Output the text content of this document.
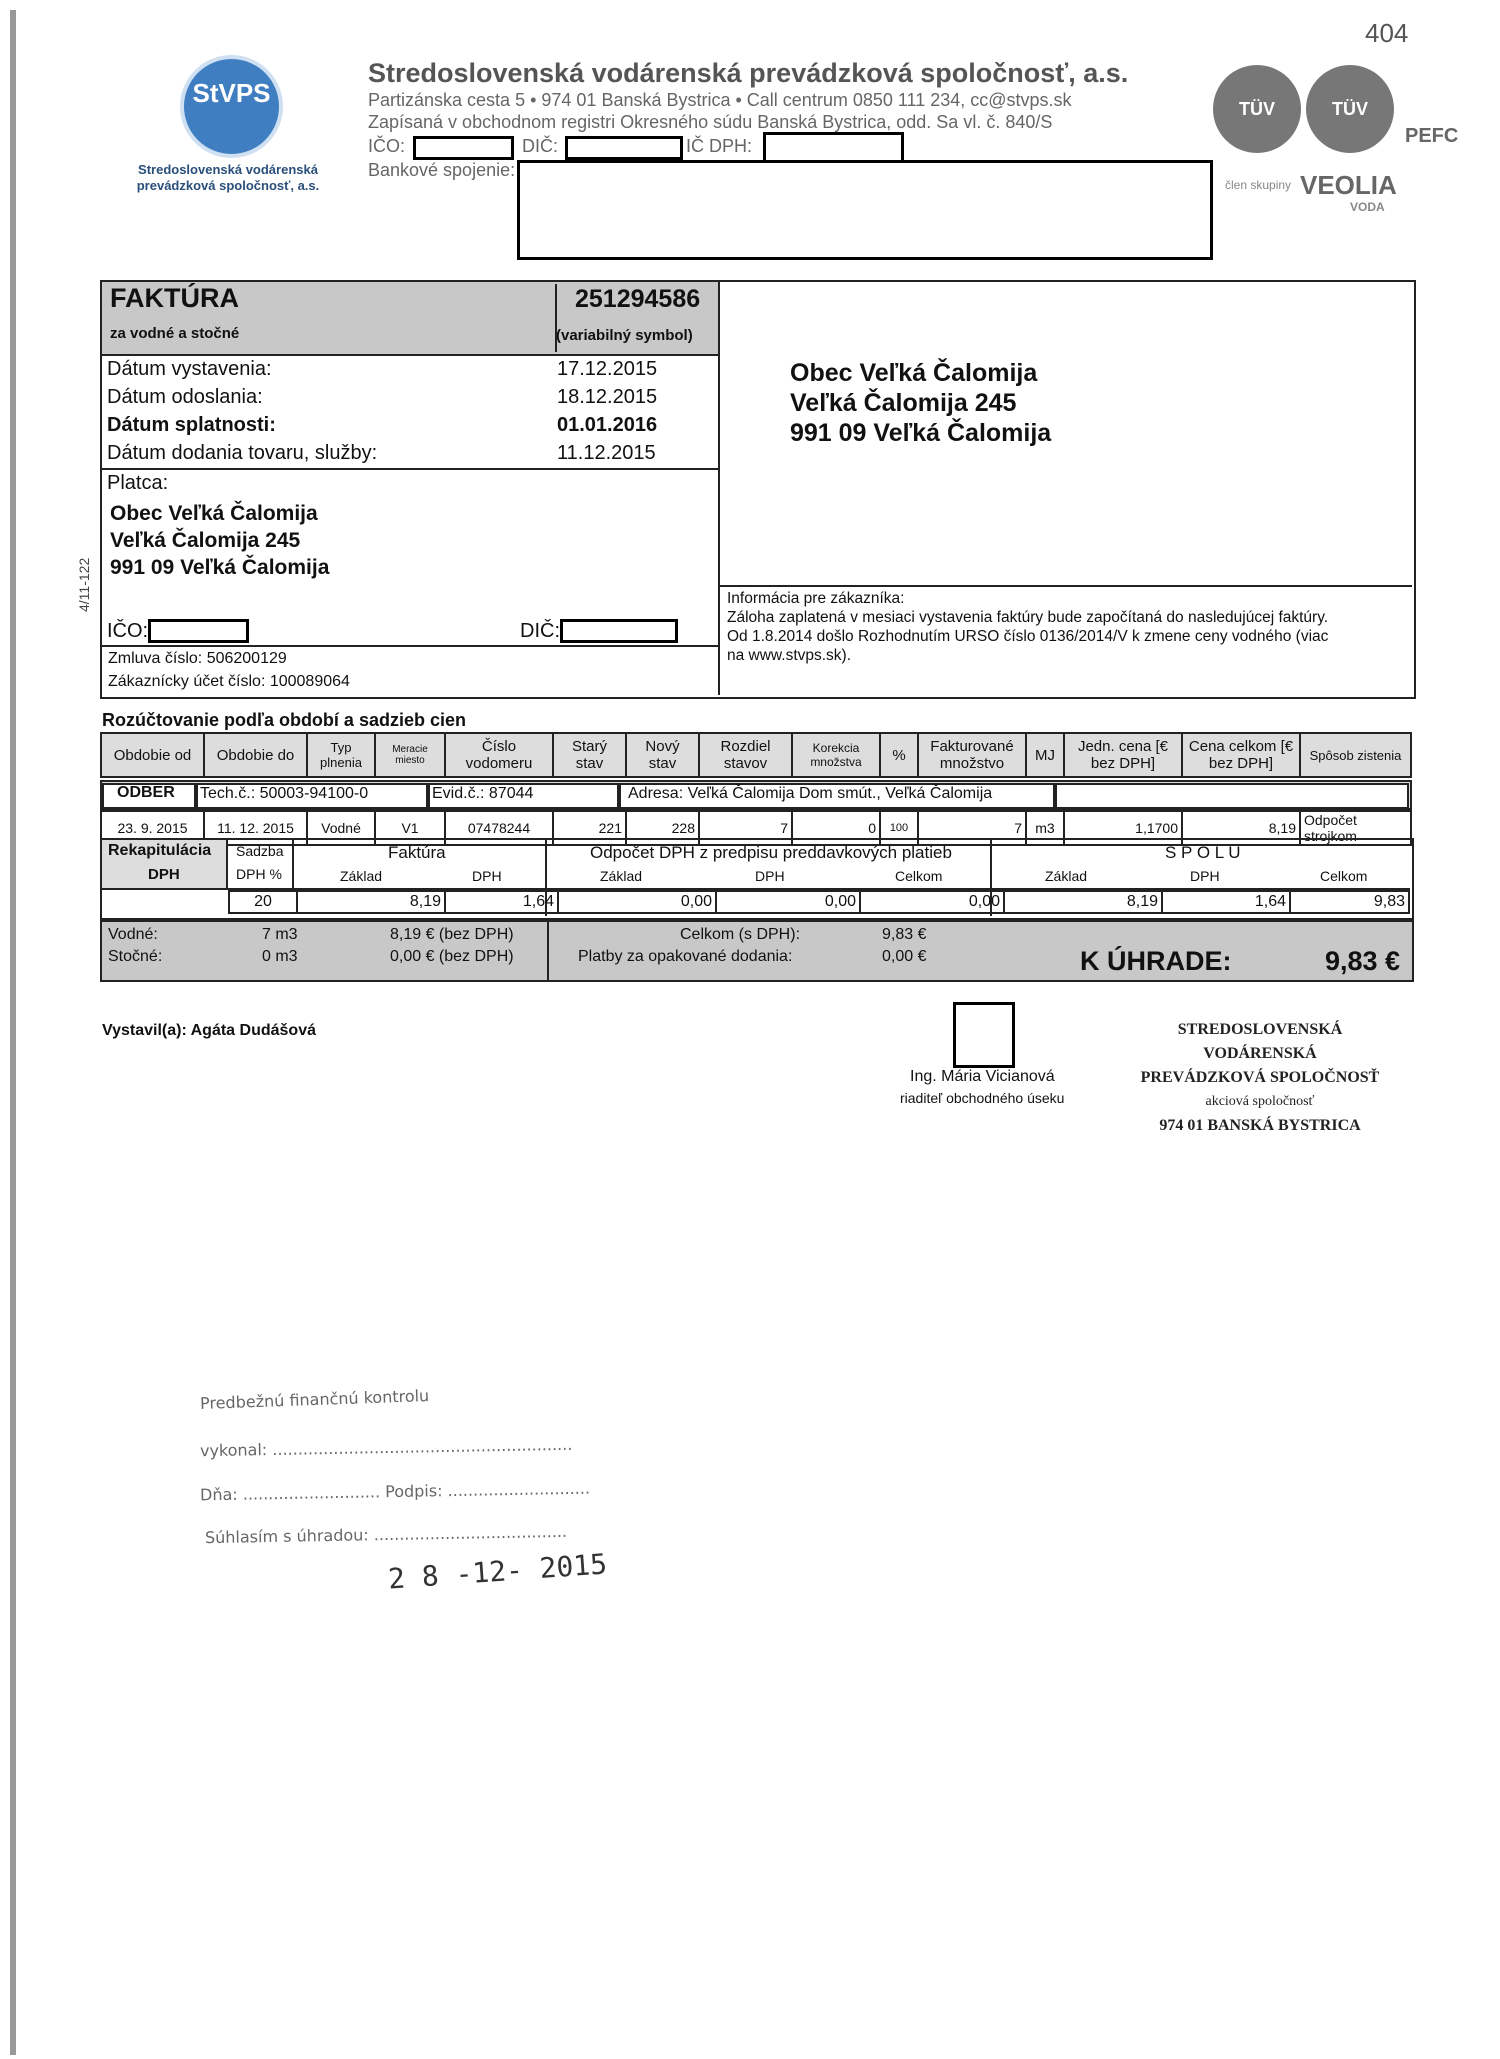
404
StVPS
Stredoslovenská vodárenská
prevádzková spoločnosť, a.s.
Stredoslovenská vodárenská prevádzková spoločnosť, a.s.
Partizánska cesta 5 • 974 01 Banská Bystrica • Call centrum 0850 111 234, cc@stvps.sk
Zapísaná v obchodnom registri Okresného súdu Banská Bystrica, odd. Sa vl. č. 840/S
IČO:	DIČ:	IČ DPH:
Bankové spojenie:
TÜV	TÜV
PEFC
člen skupiny VEOLIA
VODA
FAKTÚRA
za vodné a stočné
251294586
(variabilný symbol)
Dátum vystavenia:	17.12.2015
Dátum odoslania:	18.12.2015
Dátum splatnosti:	01.01.2016
Dátum dodania tovaru, služby:	11.12.2015
Platca:
Obec Veľká Čalomija
Veľká Čalomija 245
991 09 Veľká Čalomija
4/11-122
IČO:	DIČ:
Zmluva číslo: 506200129
Zákaznícky účet číslo: 100089064
Obec Veľká Čalomija
Veľká Čalomija 245
991 09 Veľká Čalomija
Informácia pre zákazníka:
Záloha zaplatená v mesiaci vystavenia faktúry bude započítaná do nasledujúcej faktúry.
Od 1.8.2014 došlo Rozhodnutím URSO číslo 0136/2014/V k zmene ceny vodného (viac
na www.stvps.sk).
Rozúčtovanie podľa období a sadzieb cien
Obdobie od	Obdobie do	Typ plnenia	Meracie miesto	Číslo vodomeru	Starý stav	Nový stav	Rozdiel stavov	Korekcia množstva	%	Fakturované množstvo	MJ	Jedn. cena [€ bez DPH]	Cena celkom [€ bez DPH]	Spôsob zistenia
ODBER Tech.č.: 50003-94100-0	Evid.č.: 87044	Adresa: Veľká Čalomija Dom smút., Veľká Čalomija
23. 9. 2015	11. 12. 2015	Vodné	V1	07478244	221	228	7	0	100	7	m3	1,1700	8,19	Odpočet strojkom
Rekapitulácia
DPH
Sadzba
DPH %
Faktúra
Základ	DPH
Odpočet DPH z predpisu preddavkových platieb
Základ	DPH	Celkom
S P O L U
Základ	DPH	Celkom
20	8,19	1,64	0,00	0,00	0,00	8,19	1,64	9,83
Vodné:	7 m3	8,19 € (bez DPH)
Stočné:	0 m3	0,00 € (bez DPH)
Celkom (s DPH):	9,83 €
Platby za opakované dodania:	0,00 €	K ÚHRADE:	9,83 €
Vystavil(a): Agáta Dudášová
Ing. Mária Vicianová
riaditeľ obchodného úseku
STREDOSLOVENSKÁ VODÁRENSKÁ
PREVÁDZKOVÁ SPOLOČNOSŤ
akciová spoločnosť
974 01 BANSKÁ BYSTRICA
Predbežnú finančnú kontrolu
vykonal: ...........................................................
Dňa: ........................... Podpis: ............................
Súhlasím s úhradou: ......................................
2 8 -12- 2015
